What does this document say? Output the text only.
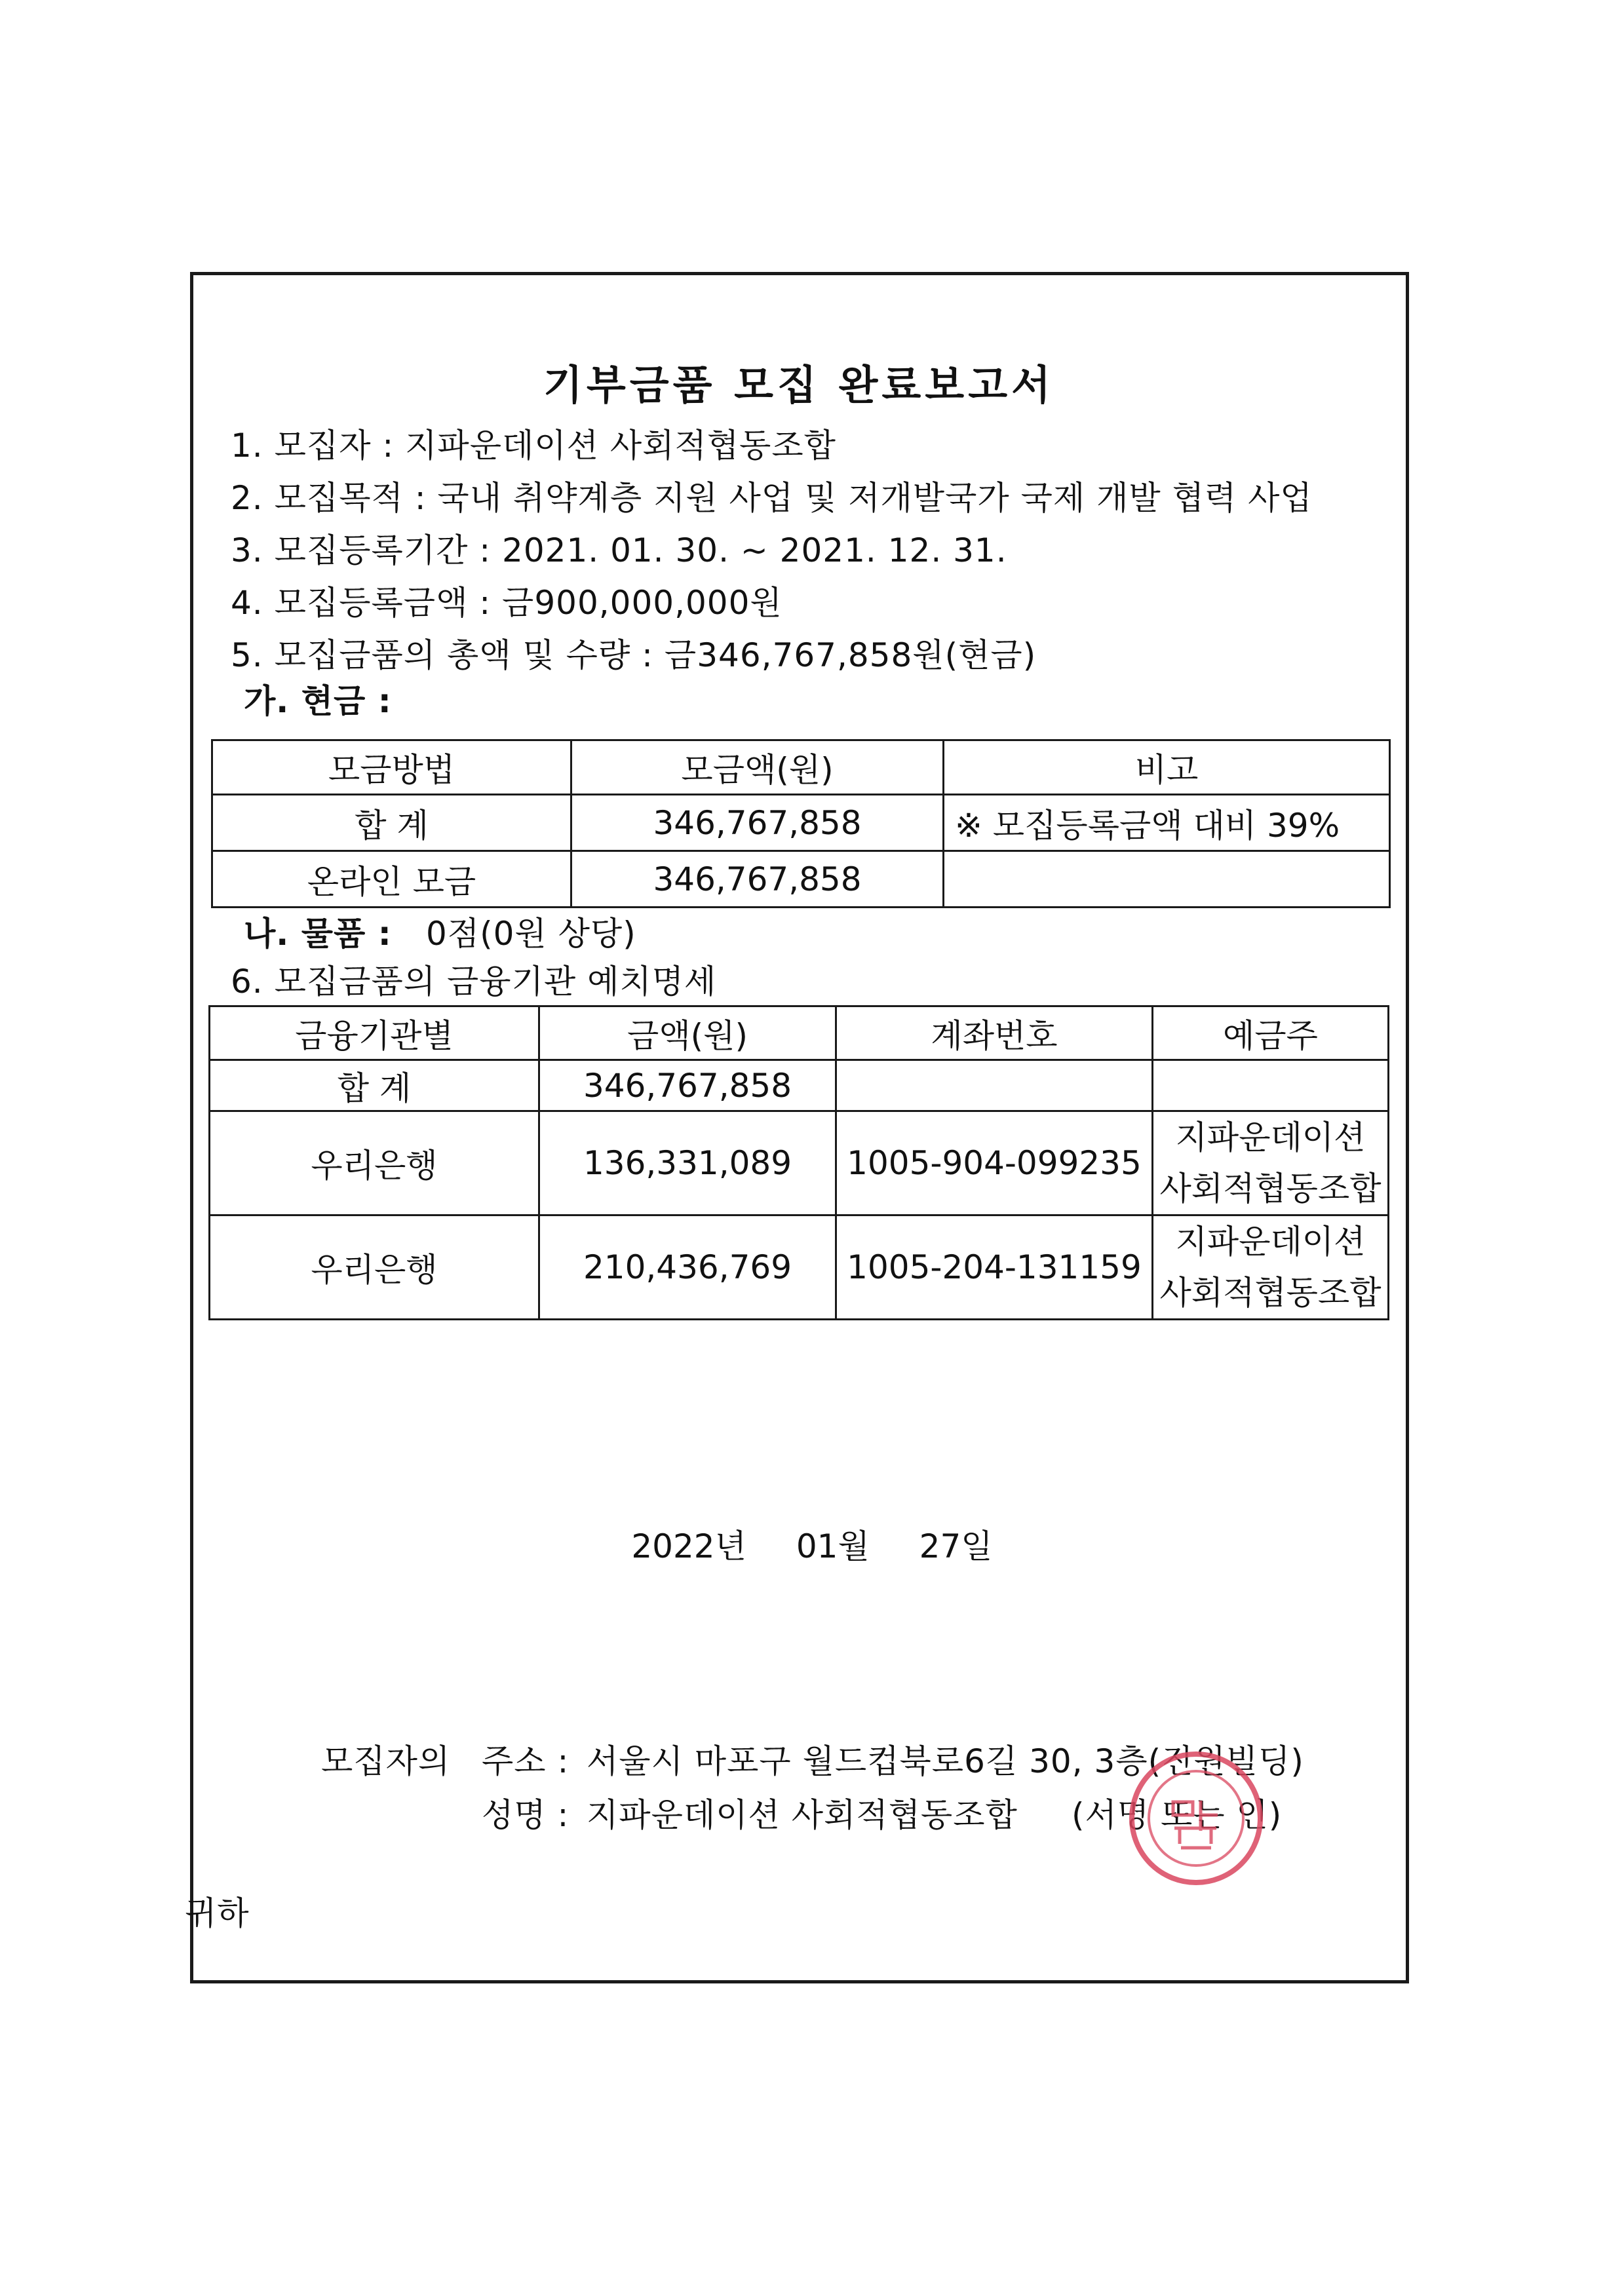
기부금품 모집 완료보고서
1. 모집자 : 지파운데이션 사회적협동조합
2. 모집목적 : 국내 취약계층 지원 사업 및 저개발국가 국제 개발 협력 사업
3. 모집등록기간 : 2021. 01. 30. ~ 2021. 12. 31.
4. 모집등록금액 : 금900,000,000원
5. 모집금품의 총액 및 수량 : 금346,767,858원(현금)
가. 현금 :
모금방법	모금액(원)	비고
합 계	346,767,858	※ 모집등록금액 대비 39%
온라인 모금	346,767,858	
나. 물품 : 0점(0원 상당)
6. 모집금품의 금융기관 예치명세
금융기관별	금액(원)	계좌번호	예금주
합 계	346,767,858		
우리은행	136,331,089	1005-904-099235	지파운데이션
사회적협동조합

우리은행	210,436,769	1005-204-131159	지파운데이션
사회적협동조합
2022년 01월 27일
모집자의 주소 : 서울시 마포구 월드컵북로6길 30, 3층(진원빌딩)
성명 : 지파운데이션 사회적협동조합 (서명 또는 인)
귀하
